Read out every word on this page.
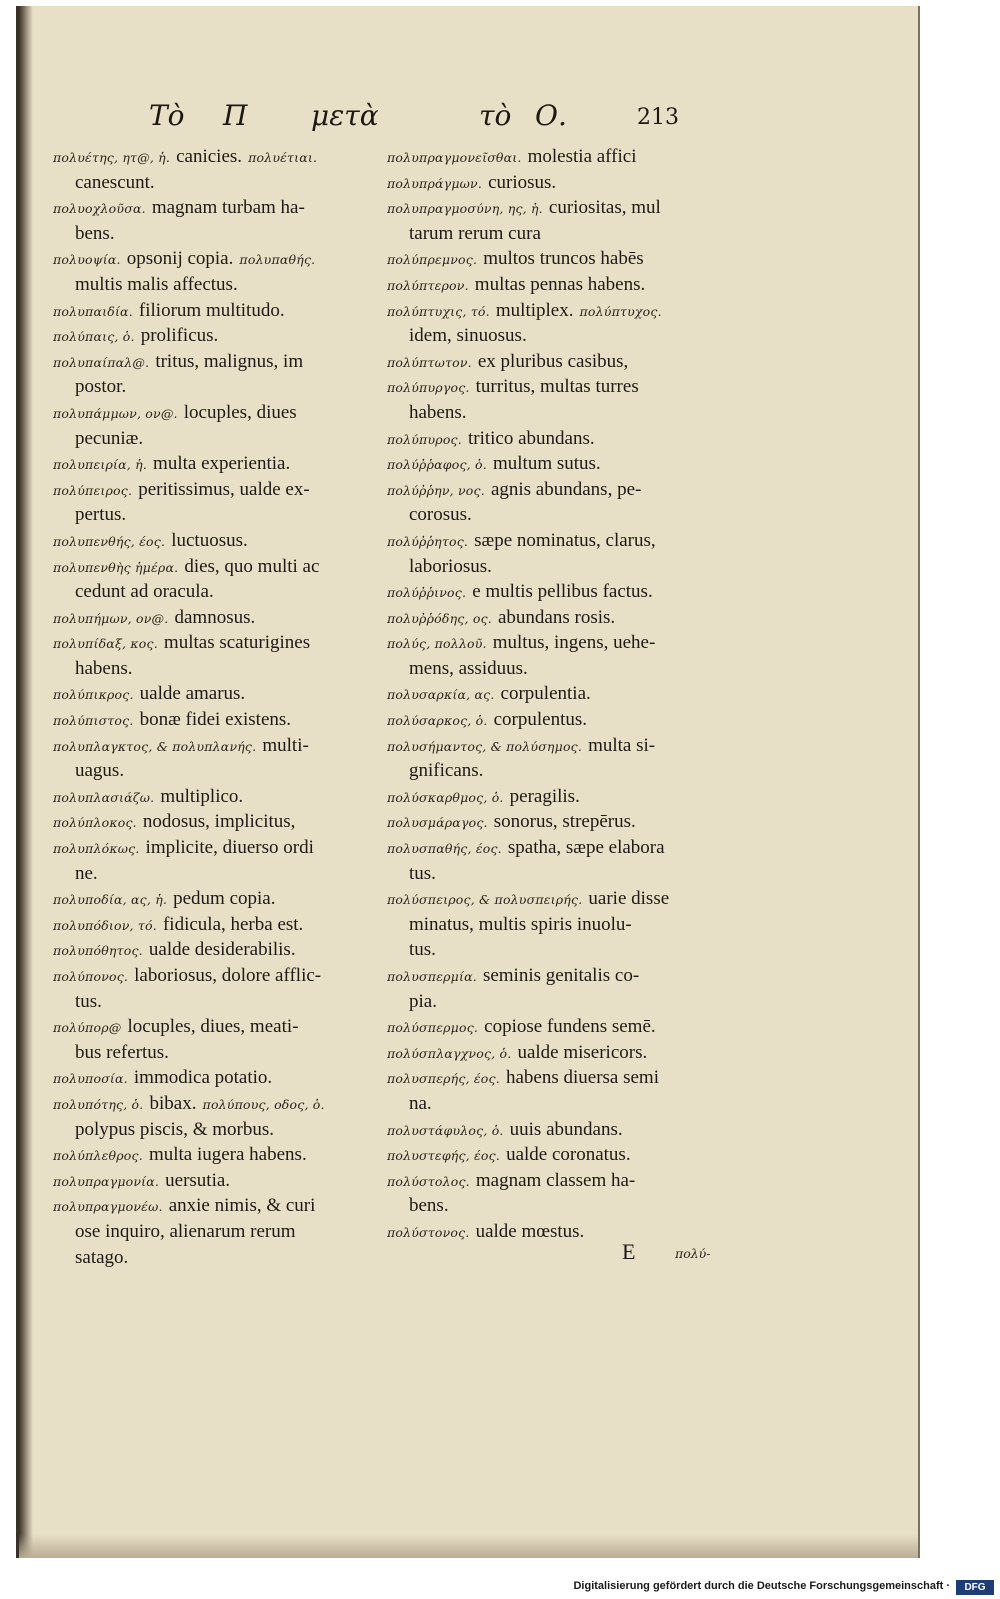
Τὸ Π μετὰ	τὸ Ο.	213
πολυέτης, ητ@, ἡ. canicies. πολυέτιαι.
canescunt.
πολυοχλοῦσα. magnam turbam ha-
bens.
πολυοψία. opsonij copia. πολυπαθής.
multis malis affectus.
πολυπαιδία. filiorum multitudo.
πολύπαις, ὁ. prolificus.
πολυπαίπαλ@. tritus, malignus, im
postor.
πολυπάμμων, ον@. locuples, diues
pecuniæ.
πολυπειρία, ἡ. multa experientia.
πολύπειρος. peritissimus, ualde ex-
pertus.
πολυπενθής, έος. luctuosus.
πολυπενθὴς ἡμέρα. dies, quo multi ac
cedunt ad oracula.
πολυπήμων, ον@. damnosus.
πολυπίδαξ, κος. multas scaturigines
habens.
πολύπικρος. ualde amarus.
πολύπιστος. bonæ fidei existens.
πολυπλαγκτος, & πολυπλανής. multi-
uagus.
πολυπλασιάζω. multiplico.
πολύπλοκος. nodosus, implicitus,
πολυπλόκως. implicite, diuerso ordi
ne.
πολυποδία, ας, ἡ. pedum copia.
πολυπόδιον, τό. fidicula, herba est.
πολυπόθητος. ualde desiderabilis.
πολύπονος. laboriosus, dolore afflic-
tus.
πολύπορ@ locuples, diues, meati-
bus refertus.
πολυποσία. immodica potatio.
πολυπότης, ὁ. bibax. πολύπους, οδος, ὁ.
polypus piscis, & morbus.
πολύπλεθρος. multa iugera habens.
πολυπραγμονία. uersutia.
πολυπραγμονέω. anxie nimis, & curi
ose inquiro, alienarum rerum
satago.
πολυπραγμονεῖσθαι. molestia affici
πολυπράγμων. curiosus.
πολυπραγμοσύνη, ης, ἡ. curiositas, mul
tarum rerum cura
πολύπρεμνος. multos truncos habēs
πολύπτερον. multas pennas habens.
πολύπτυχις, τό. multiplex. πολύπτυχος.
idem, sinuosus.
πολύπτωτον. ex pluribus casibus,
πολύπυργος. turritus, multas turres
habens.
πολύπυρος. tritico abundans.
πολύῤῥαφος, ὁ. multum sutus.
πολύῤῥην, νος. agnis abundans, pe-
corosus.
πολύῤῥητος. sæpe nominatus, clarus,
laboriosus.
πολύῤῥινος. e multis pellibus factus.
πολυῤῥόδης, ος. abundans rosis.
πολύς, πολλοῦ. multus, ingens, uehe-
mens, assiduus.
πολυσαρκία, ας. corpulentia.
πολύσαρκος, ὁ. corpulentus.
πολυσήμαντος, & πολύσημος. multa si-
gnificans.
πολύσκαρθμος, ὁ. peragilis.
πολυσμάραγος. sonorus, strepērus.
πολυσπαθής, έος. spatha, sæpe elabora
tus.
πολύσπειρος, & πολυσπειρής. uarie disse
minatus, multis spiris inuolu-
tus.
πολυσπερμία. seminis genitalis co-
pia.
πολύσπερμος. copiose fundens semē.
πολύσπλαγχνος, ὁ. ualde misericors.
πολυσπερής, έος. habens diuersa semi
na.
πολυστάφυλος, ὁ. uuis abundans.
πολυστεφής, έος. ualde coronatus.
πολύστολος. magnam classem ha-
bens.
πολύστονος. ualde mœstus.
E	πολύ-
Digitalisierung gefördert durch die Deutsche Forschungsgemeinschaft ·	DFG
